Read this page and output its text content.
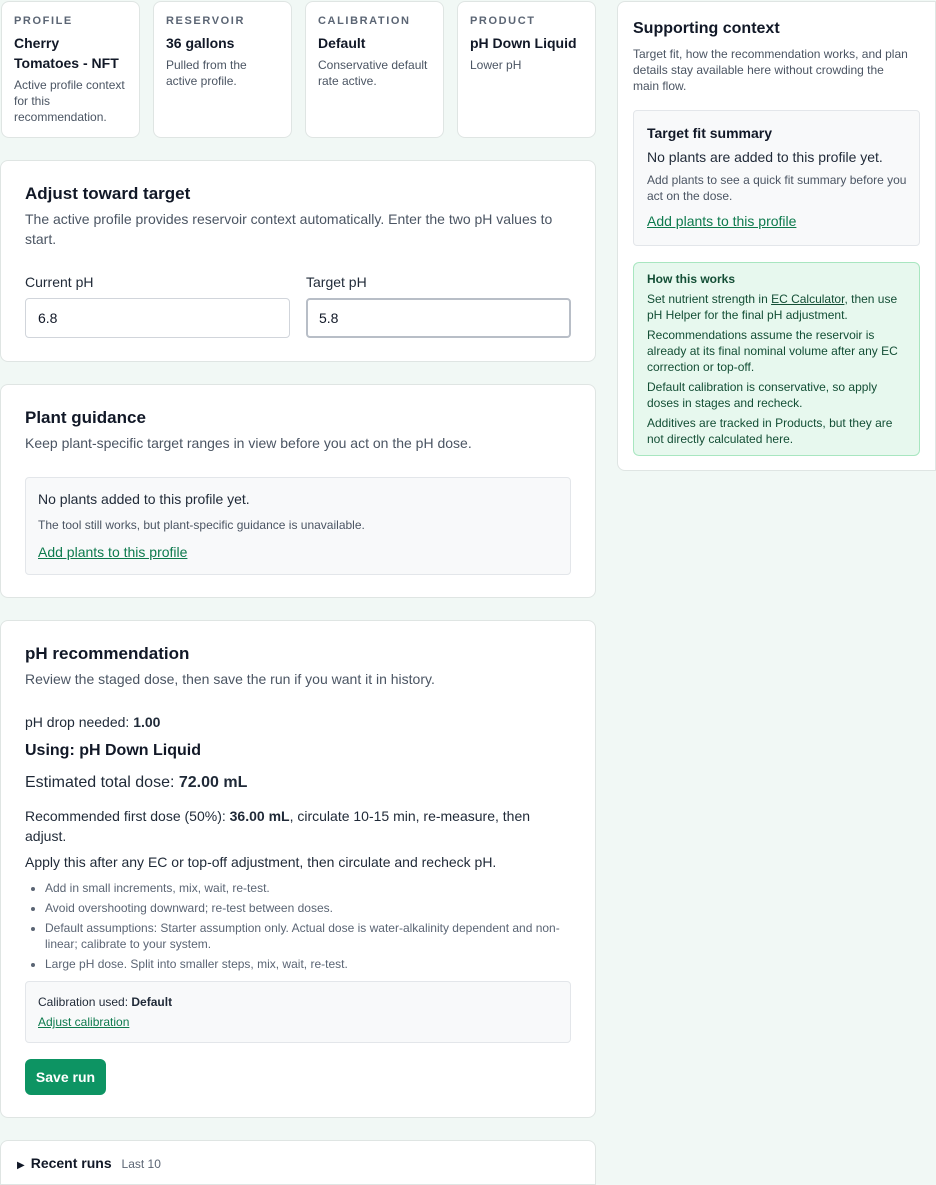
PROFILE
Cherry Tomatoes - NFT
Active profile context for this recommendation.
RESERVOIR
36 gallons
Pulled from the active profile.
CALIBRATION
Default
Conservative default rate active.
PRODUCT
pH Down Liquid
Lower pH
Adjust toward target
The active profile provides reservoir context automatically. Enter the two pH values to start.
Current pH
6.8	Target pH
5.8
Plant guidance
Keep plant-specific target ranges in view before you act on the pH dose.
No plants added to this profile yet.
The tool still works, but plant-specific guidance is unavailable.
Add plants to this profile
pH recommendation
Review the staged dose, then save the run if you want it in history.
pH drop needed: 1.00
Using: pH Down Liquid
Estimated total dose: 72.00 mL
Recommended first dose (50%): 36.00 mL, circulate 10-15 min, re-measure, then adjust.
Apply this after any EC or top-off adjustment, then circulate and recheck pH.
• Add in small increments, mix, wait, re-test.
• Avoid overshooting downward; re-test between doses.
• Default assumptions: Starter assumption only. Actual dose is water-alkalinity dependent and non-linear; calibrate to your system.
• Large pH dose. Split into smaller steps, mix, wait, re-test.
Calibration used: Default
Adjust calibration
Save run
▶ Recent runs Last 10
Supporting context
Target fit, how the recommendation works, and plan details stay available here without crowding the main flow.
Target fit summary
No plants are added to this profile yet.
Add plants to see a quick fit summary before you act on the dose.
Add plants to this profile
How this works
Set nutrient strength in EC Calculator, then use pH Helper for the final pH adjustment.
Recommendations assume the reservoir is already at its final nominal volume after any EC correction or top-off.
Default calibration is conservative, so apply doses in stages and recheck.
Additives are tracked in Products, but they are not directly calculated here.
